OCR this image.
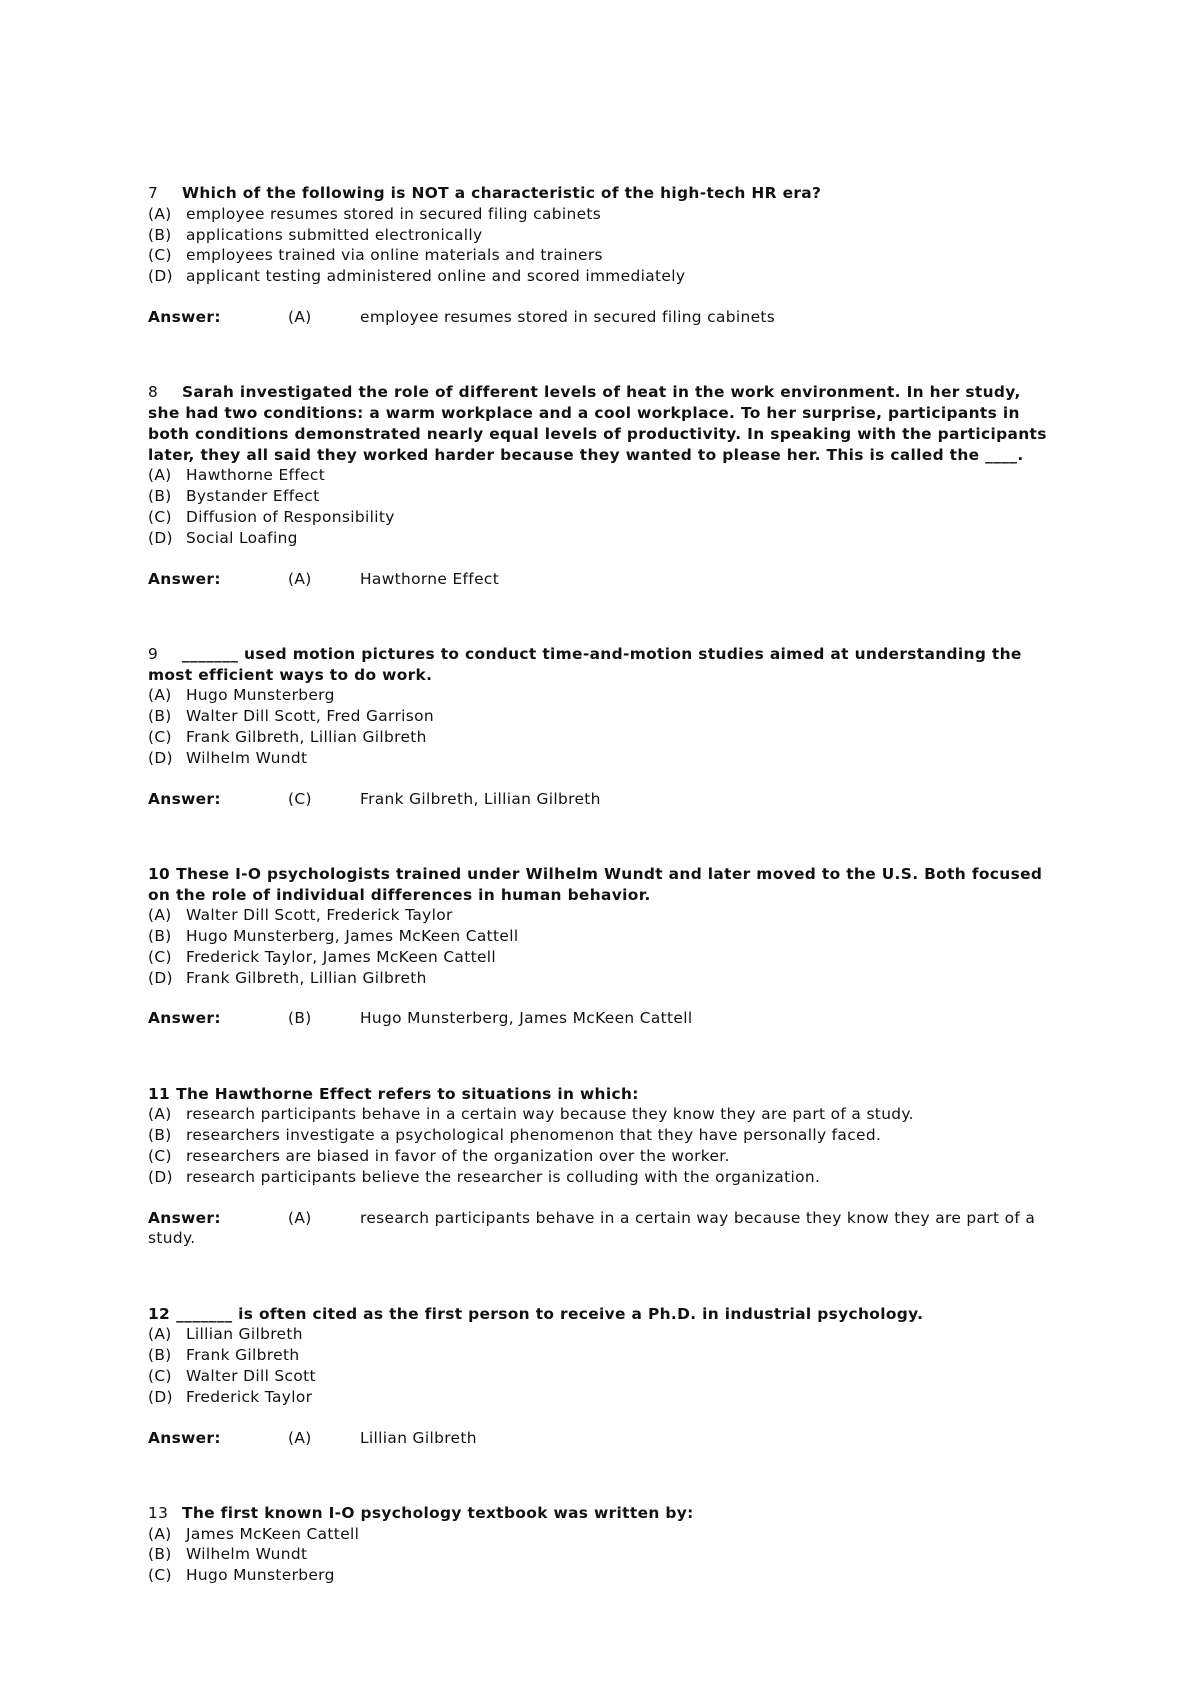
7 Which of the following is NOT a characteristic of the high-tech HR era?

(A) employee resumes stored in secured filing cabinets

(B) applications submitted electronically

(C) employees trained via online materials and trainers

(D) applicant testing administered online and scored immediately

Answer:	(A)	employee resumes stored in secured filing cabinets

8 Sarah investigated the role of different levels of heat in the work environment. In her study, she had two conditions: a warm workplace and a cool workplace. To her surprise, participants in both conditions demonstrated nearly equal levels of productivity. In speaking with the participants later, they all said they worked harder because they wanted to please her. This is called the ____.

(A) Hawthorne Effect

(B) Bystander Effect

(C) Diffusion of Responsibility

(D) Social Loafing

Answer:	(A)	Hawthorne Effect

9 _______ used motion pictures to conduct time-and-motion studies aimed at understanding the most efficient ways to do work.

(A) Hugo Munsterberg

(B) Walter Dill Scott, Fred Garrison

(C) Frank Gilbreth, Lillian Gilbreth

(D) Wilhelm Wundt

Answer:	(C)	Frank Gilbreth, Lillian Gilbreth

10 These I-O psychologists trained under Wilhelm Wundt and later moved to the U.S. Both focused on the role of individual differences in human behavior.

(A) Walter Dill Scott, Frederick Taylor

(B) Hugo Munsterberg, James McKeen Cattell

(C) Frederick Taylor, James McKeen Cattell

(D) Frank Gilbreth, Lillian Gilbreth

Answer:	(B)	Hugo Munsterberg, James McKeen Cattell

11 The Hawthorne Effect refers to situations in which:

(A) research participants behave in a certain way because they know they are part of a study.

(B) researchers investigate a psychological phenomenon that they have personally faced.

(C) researchers are biased in favor of the organization over the worker.

(D) research participants believe the researcher is colluding with the organization.

Answer:	(A)	research participants behave in a certain way because they know they are part of a study.

12 _______ is often cited as the first person to receive a Ph.D. in industrial psychology.

(A) Lillian Gilbreth

(B) Frank Gilbreth

(C) Walter Dill Scott

(D) Frederick Taylor

Answer:	(A)	Lillian Gilbreth

13 The first known I-O psychology textbook was written by:

(A) James McKeen Cattell

(B) Wilhelm Wundt

(C) Hugo Munsterberg
